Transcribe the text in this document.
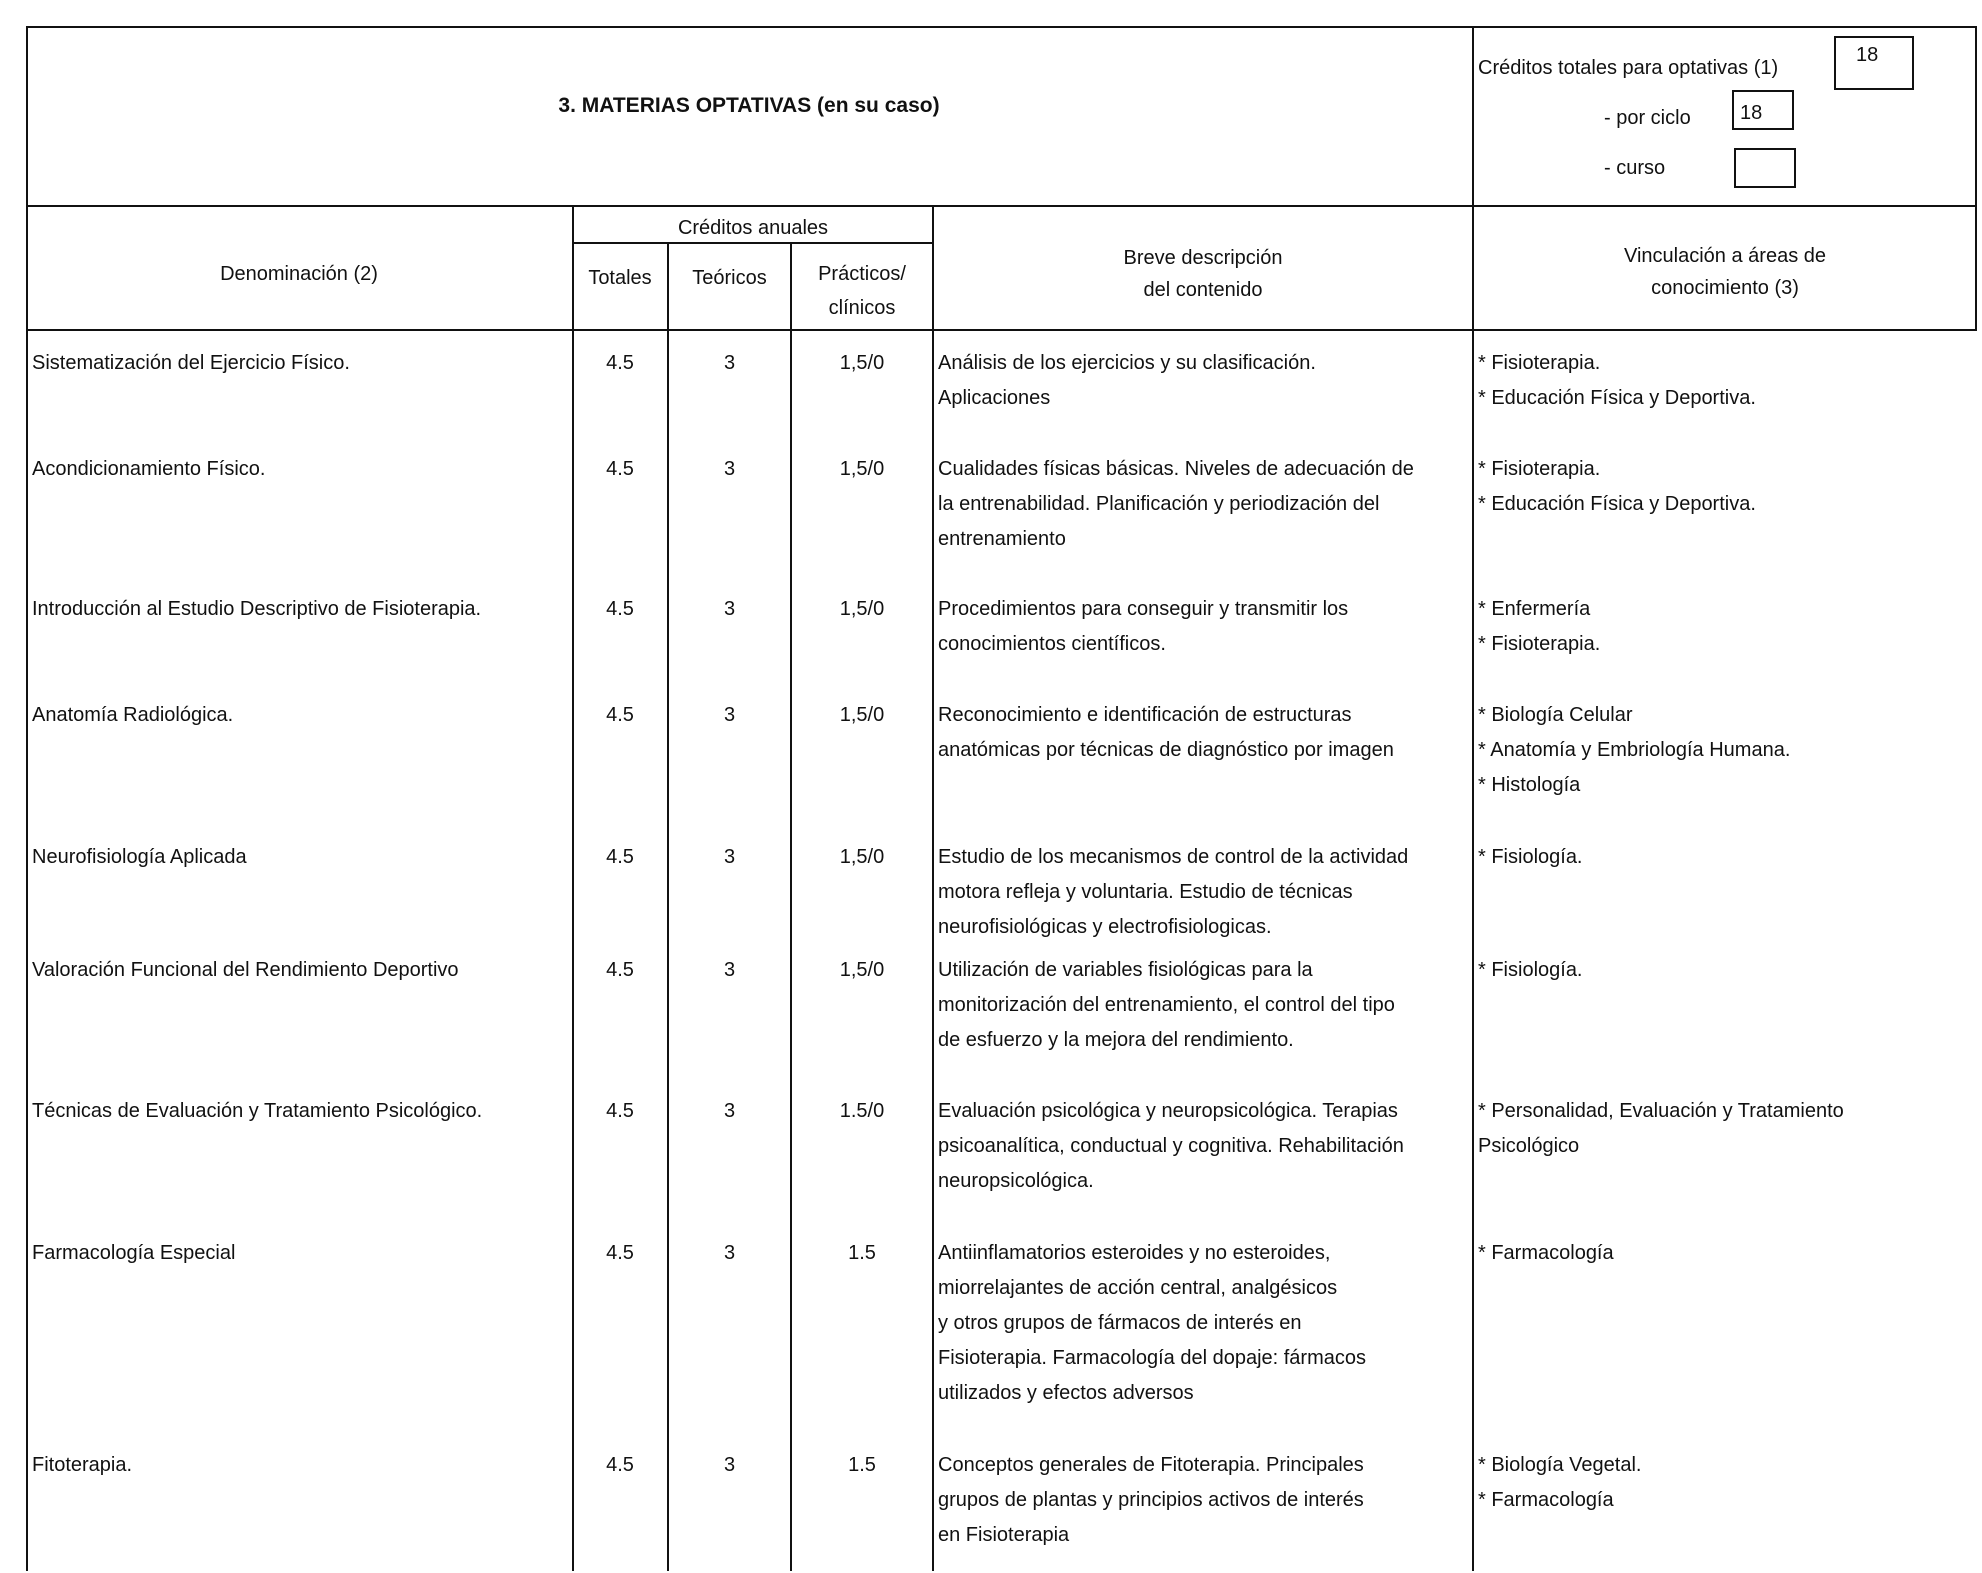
3. MATERIAS OPTATIVAS (en su caso)
Créditos totales para optativas (1)
18
- por ciclo 18
- curso
Denominación (2)
Créditos anuales
Totales	Teóricos	Prácticos/
clínicos
Breve descripción
del contenido
Vinculación a áreas de
conocimiento (3)
Sistematización del Ejercicio Físico.	4.5	3	1,5/0	Análisis de los ejercicios y su clasificación.
Aplicaciones
* Fisioterapia.
* Educación Física y Deportiva.
Acondicionamiento Físico.	4.5	3	1,5/0	Cualidades físicas básicas. Niveles de adecuación de
la entrenabilidad. Planificación y periodización del
entrenamiento
* Fisioterapia.
* Educación Física y Deportiva.
Introducción al Estudio Descriptivo de Fisioterapia.	4.5	3	1,5/0	Procedimientos para conseguir y transmitir los
conocimientos científicos.
* Enfermería
* Fisioterapia.
Anatomía Radiológica.	4.5	3	1,5/0	Reconocimiento e identificación de estructuras
anatómicas por técnicas de diagnóstico por imagen
* Biología Celular
* Anatomía y Embriología Humana.
* Histología
Neurofisiología Aplicada	4.5	3	1,5/0	Estudio de los mecanismos de control de la actividad
motora refleja y voluntaria. Estudio de técnicas
neurofisiológicas y electrofisiologicas.
* Fisiología.
Valoración Funcional del Rendimiento Deportivo	4.5	3	1,5/0	Utilización de variables fisiológicas para la
monitorización del entrenamiento, el control del tipo
de esfuerzo y la mejora del rendimiento.
* Fisiología.
Técnicas de Evaluación y Tratamiento Psicológico.	4.5	3	1.5/0	Evaluación psicológica y neuropsicológica. Terapias
psicoanalítica, conductual y cognitiva. Rehabilitación
neuropsicológica.
* Personalidad, Evaluación y Tratamiento
Psicológico
Farmacología Especial	4.5	3	1.5	Antiinflamatorios esteroides y no esteroides,
miorrelajantes de acción central, analgésicos
y otros grupos de fármacos de interés en
Fisioterapia. Farmacología del dopaje: fármacos
utilizados y efectos adversos
* Farmacología
Fitoterapia.	4.5	3	1.5	Conceptos generales de Fitoterapia. Principales
grupos de plantas y principios activos de interés
en Fisioterapia
* Biología Vegetal.
* Farmacología
